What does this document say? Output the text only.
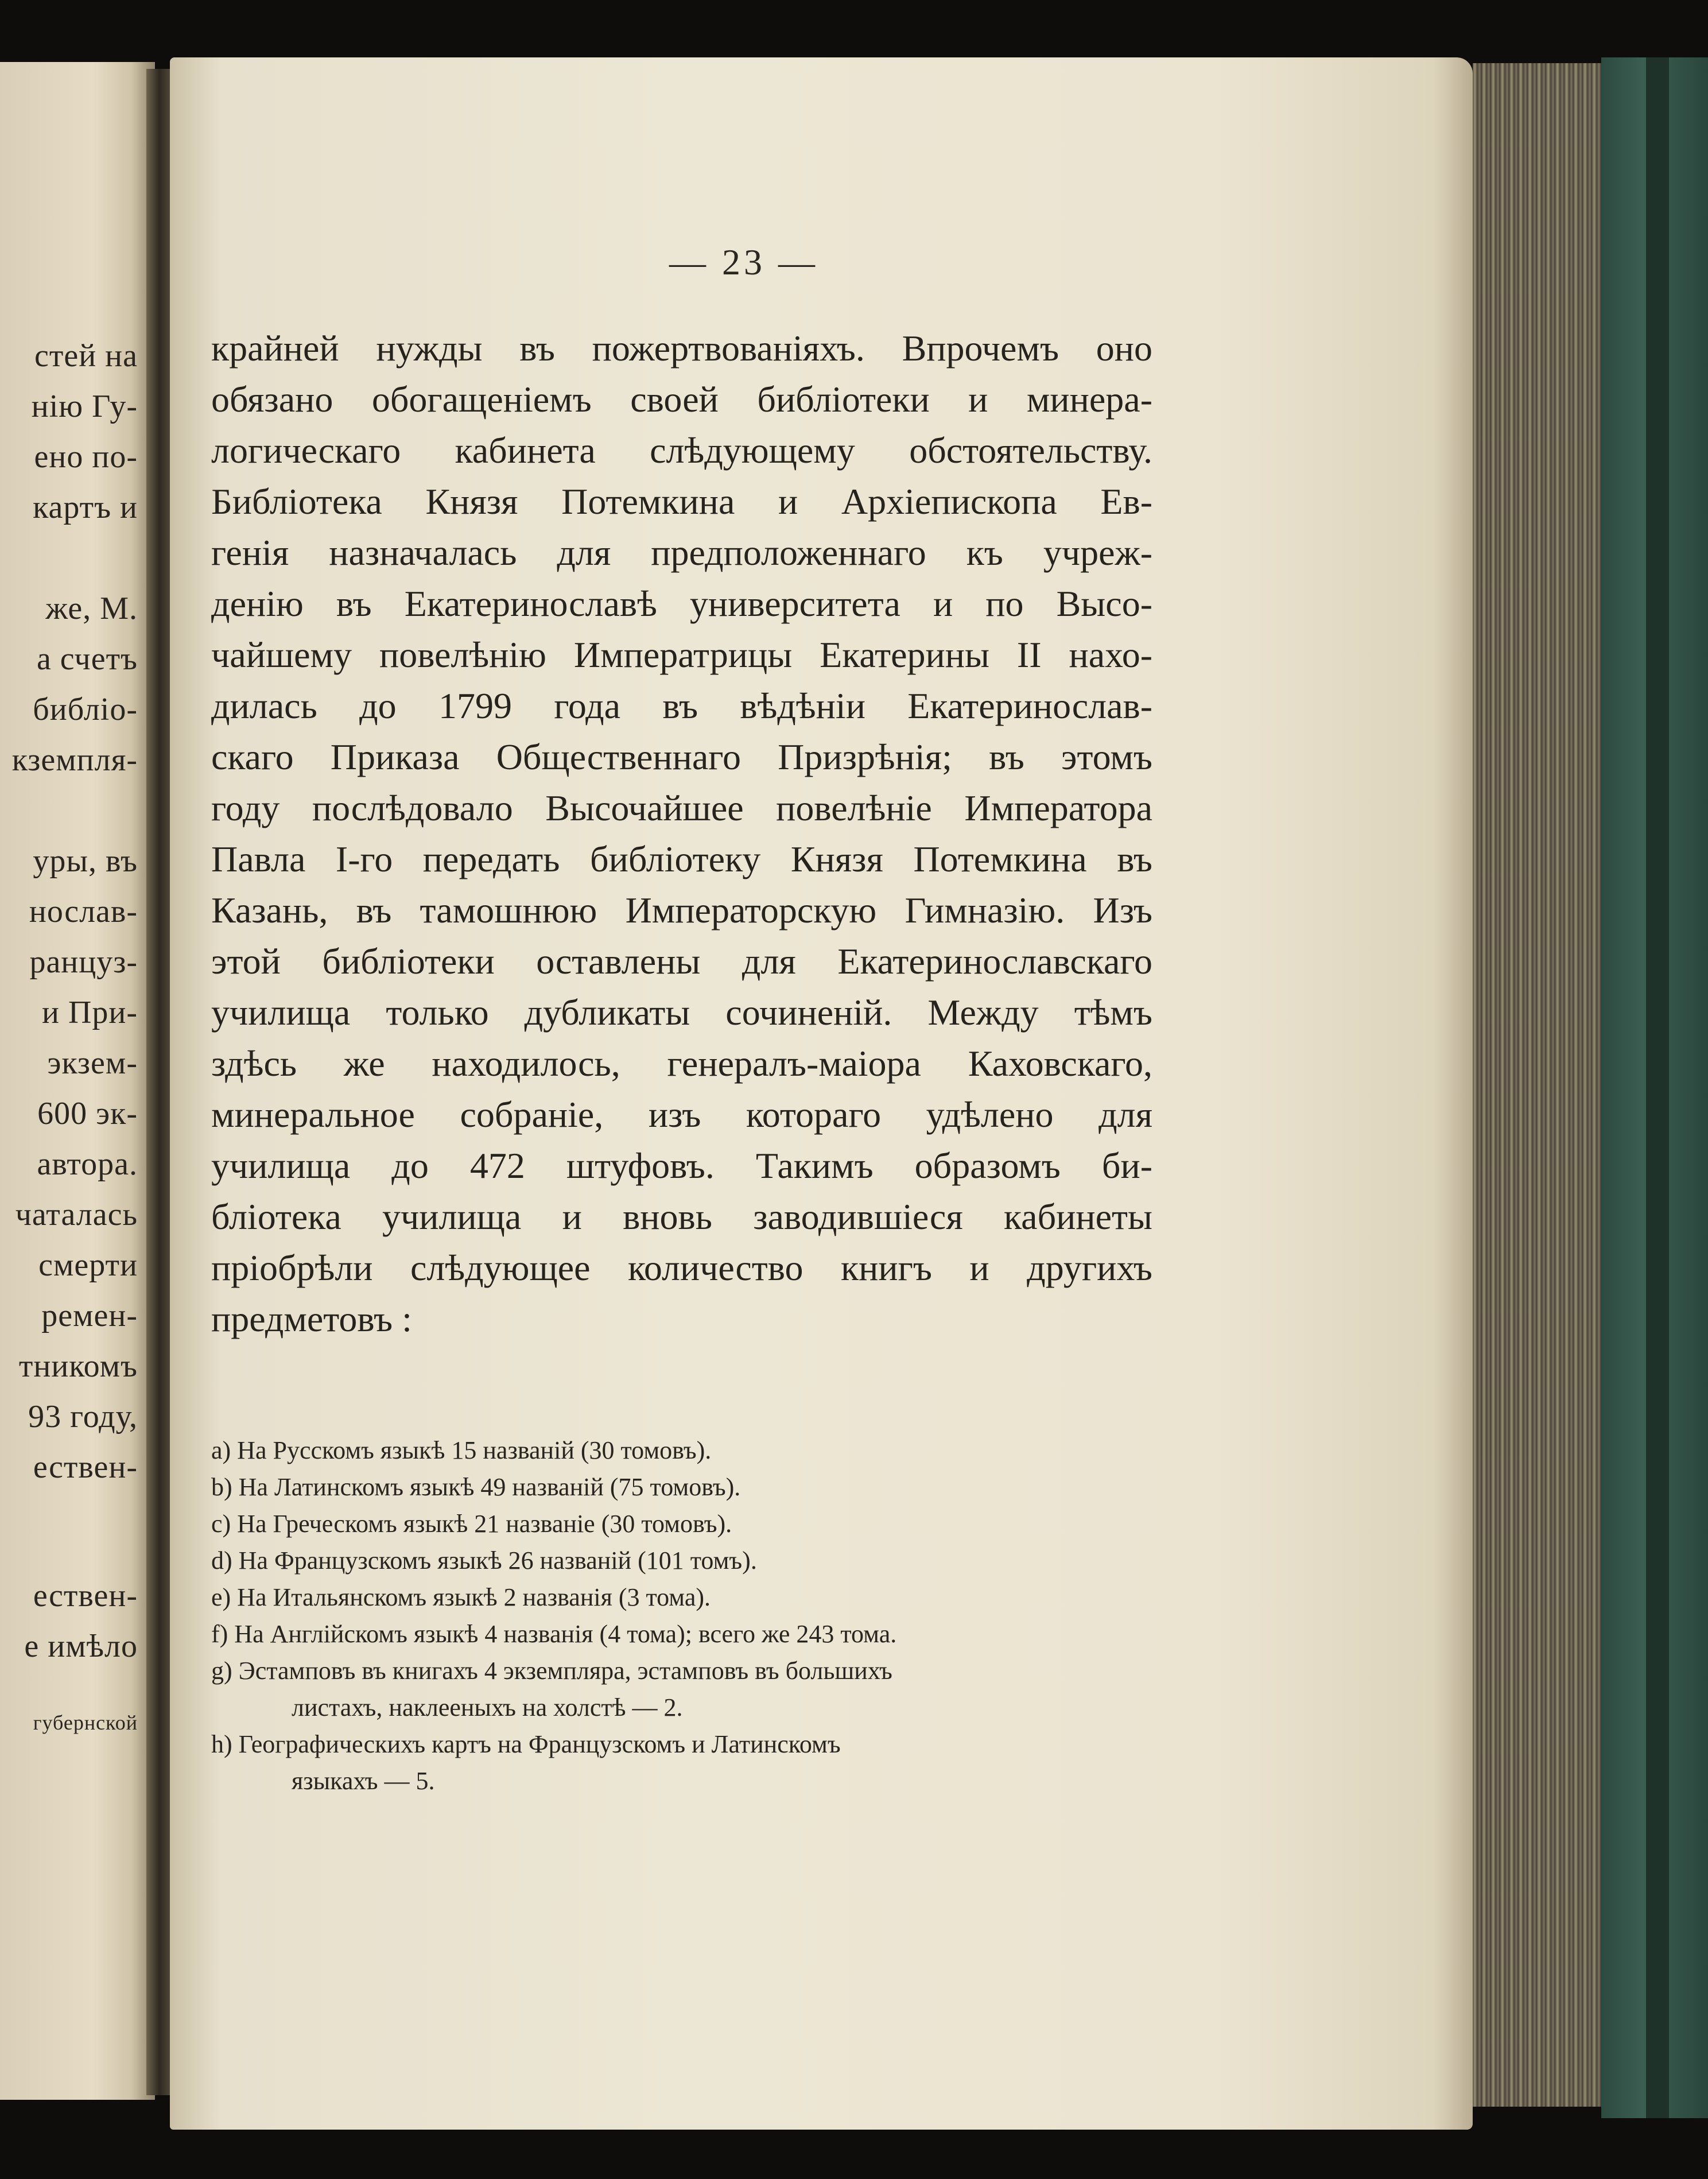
стей на
нію Гу-
ено по-
картъ и
же, М.
а счетъ
библіо-
кземпля-
уры, въ
нослав-
ранцуз-
и При-
экзем-
600 эк-
автора.
чаталась
смерти
ремен-
тникомъ
93 году,
ествен-
ествен-
е имѣло
губернской
— 23 —
крайней нужды въ пожертвованіяхъ. Впрочемъ оно
обязано обогащеніемъ своей библіотеки и минера-
логическаго кабинета слѣдующему обстоятельству.
Библіотека Князя Потемкина и Архіепископа Ев-
генія назначалась для предположеннаго къ учреж-
денію въ Екатеринославѣ университета и по Высо-
чайшему повелѣнію Императрицы Екатерины II нахо-
дилась до 1799 года въ вѣдѣніи Екатеринослав-
скаго Приказа Общественнаго Призрѣнія; въ этомъ
году послѣдовало Высочайшее повелѣніе Императора
Павла I-го передать библіотеку Князя Потемкина въ
Казань, въ тамошнюю Императорскую Гимназію. Изъ
этой библіотеки оставлены для Екатеринославскаго
училища только дубликаты сочиненій. Между тѣмъ
здѣсь же находилось, генералъ-маіора Каховскаго,
минеральное собраніе, изъ котораго удѣлено для
училища до 472 штуфовъ. Такимъ образомъ би-
бліотека училища и вновь заводившіеся кабинеты
пріобрѣли слѣдующее количество книгъ и другихъ
предметовъ :
a) На Русскомъ языкѣ 15 названій (30 томовъ).
b) На Латинскомъ языкѣ 49 названій (75 томовъ).
c) На Греческомъ языкѣ 21 названіе (30 томовъ).
d) На Французскомъ языкѣ 26 названій (101 томъ).
e) На Итальянскомъ языкѣ 2 названія (3 тома).
f) На Англійскомъ языкѣ 4 названія (4 тома); всего же 243 тома.
g) Эстамповъ въ книгахъ 4 экземпляра, эстамповъ въ большихъ
листахъ, наклееныхъ на холстѣ — 2.
h) Географическихъ картъ на Французскомъ и Латинскомъ
языкахъ — 5.
